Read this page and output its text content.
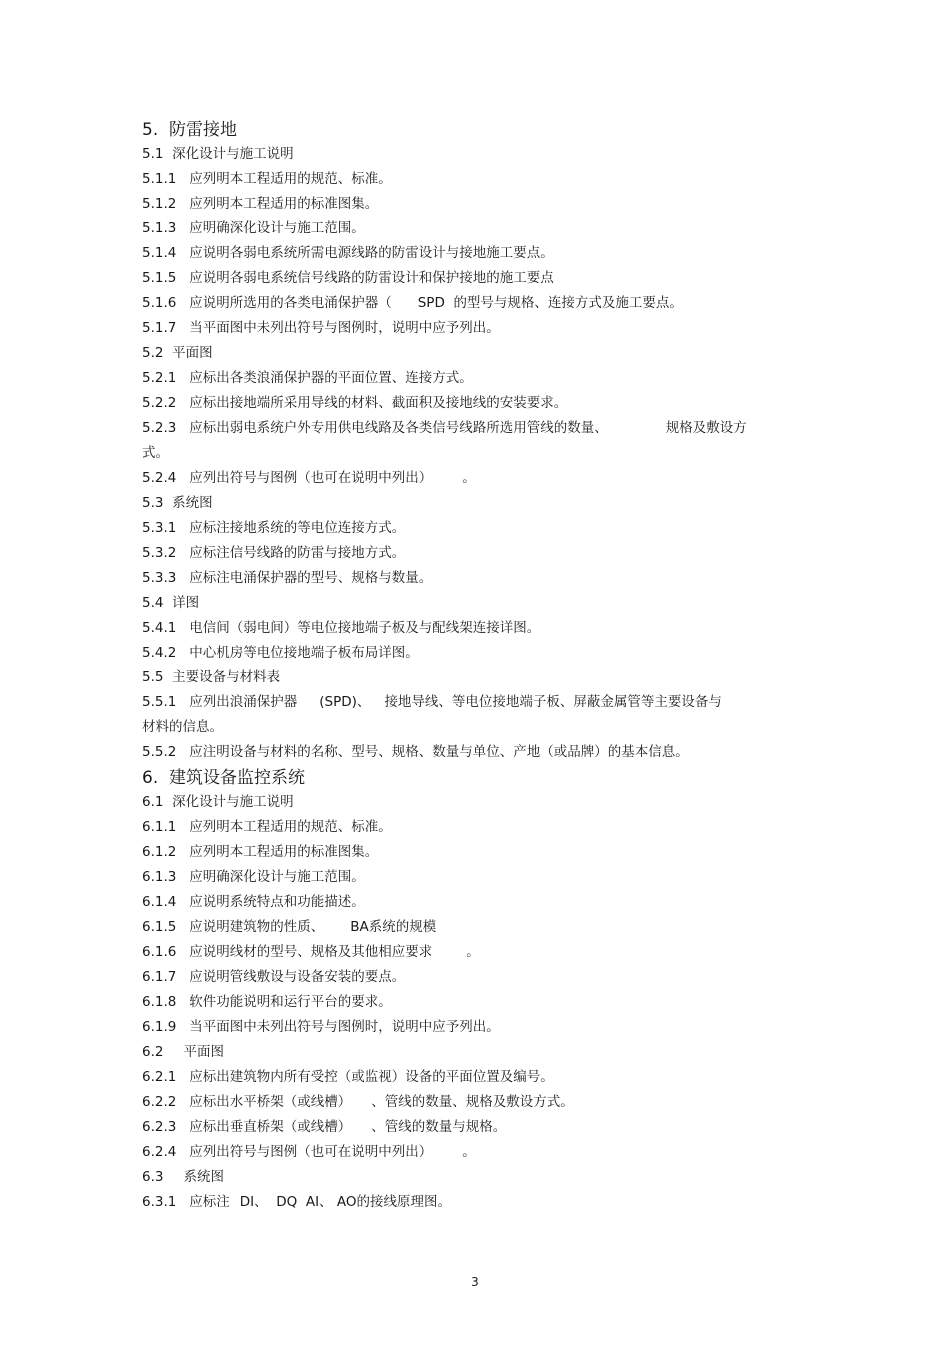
5. 防雷接地
5.1 深化设计与施工说明
5.1.1 应列明本工程适用的规范、标准。
5.1.2 应列明本工程适用的标准图集。
5.1.3 应明确深化设计与施工范围。
5.1.4 应说明各弱电系统所需电源线路的防雷设计与接地施工要点。
5.1.5 应说明各弱电系统信号线路的防雷设计和保护接地的施工要点
5.1.6 应说明所选用的各类电涌保护器（ SPD 的型号与规格、连接方式及施工要点。
5.1.7 当平面图中未列出符号与图例时，说明中应予列出。
5.2 平面图
5.2.1 应标出各类浪涌保护器的平面位置、连接方式。
5.2.2 应标出接地端所采用导线的材料、截面积及接地线的安装要求。
5.2.3 应标出弱电系统户外专用供电线路及各类信号线路所选用管线的数量、	规格及敷设方
式。
5.2.4 应列出符号与图例（也可在说明中列出） 。
5.3 系统图
5.3.1 应标注接地系统的等电位连接方式。
5.3.2 应标注信号线路的防雷与接地方式。
5.3.3 应标注电涌保护器的型号、规格与数量。
5.4 详图
5.4.1 电信间（弱电间）等电位接地端子板及与配线架连接详图。
5.4.2 中心机房等电位接地端子板布局详图。
5.5 主要设备与材料表
5.5.1 应列出浪涌保护器 (SPD)、 接地导线、等电位接地端子板、屏蔽金属管等主要设备与
材料的信息。
5.5.2 应注明设备与材料的名称、型号、规格、数量与单位、产地（或品牌）的基本信息。
6. 建筑设备监控系统
6.1 深化设计与施工说明
6.1.1 应列明本工程适用的规范、标准。
6.1.2 应列明本工程适用的标准图集。
6.1.3 应明确深化设计与施工范围。
6.1.4 应说明系统特点和功能描述。
6.1.5 应说明建筑物的性质、 BA系统的规模
6.1.6 应说明线材的型号、规格及其他相应要求	。
6.1.7 应说明管线敷设与设备安装的要点。
6.1.8 软件功能说明和运行平台的要求。
6.1.9 当平面图中未列出符号与图例时，说明中应予列出。
6.2 平面图
6.2.1 应标出建筑物内所有受控（或监视）设备的平面位置及编号。
6.2.2 应标出水平桥架（或线槽） 、管线的数量、规格及敷设方式。
6.2.3 应标出垂直桥架（或线槽） 、管线的数量与规格。
6.2.4 应列出符号与图例（也可在说明中列出） 。
6.3 系统图
6.3.1 应标注 DI、 DQ AI、 AO的接线原理图。
3
